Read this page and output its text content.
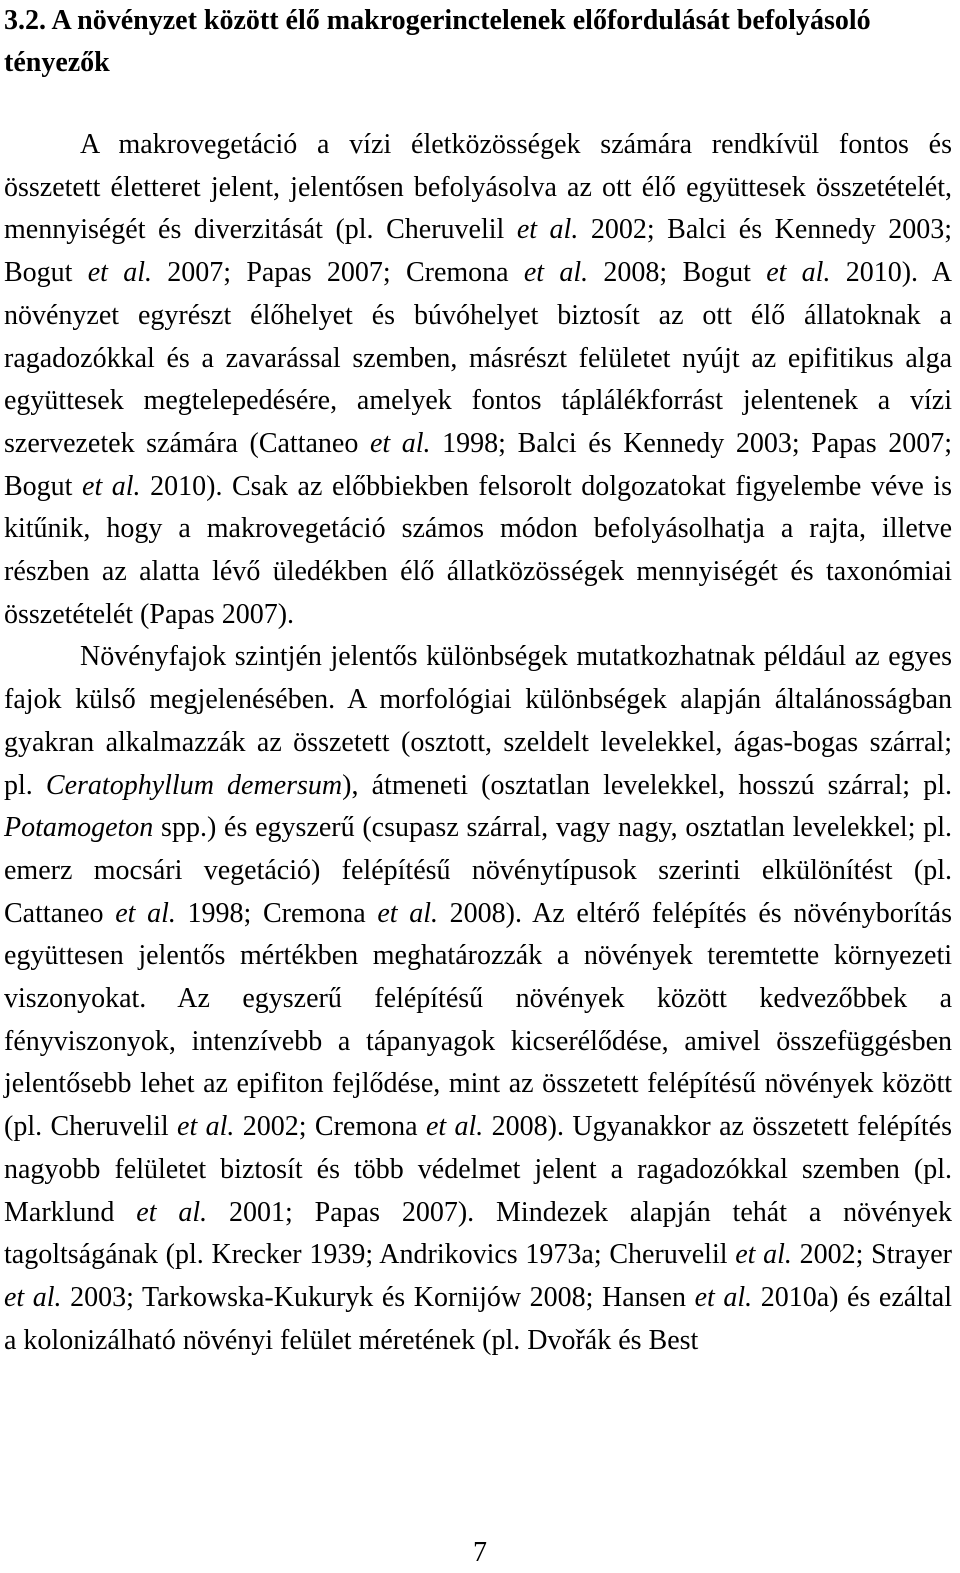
3.2. A növényzet között élő makrogerinctelenek előfordulását befolyásoló tényezők

A makrovegetáció a vízi életközösségek számára rendkívül fontos és összetett életteret jelent, jelentősen befolyásolva az ott élő együttesek összetételét, mennyiségét és diverzitását (pl. Cheruvelil et al. 2002; Balci és Kennedy 2003; Bogut et al. 2007; Papas 2007; Cremona et al. 2008; Bogut et al. 2010). A növényzet egyrészt élőhelyet és búvóhelyet biztosít az ott élő állatoknak a ragadozókkal és a zavarással szemben, másrészt felületet nyújt az epifitikus alga együttesek megtelepedésére, amelyek fontos táplálékforrást jelentenek a vízi szervezetek számára (Cattaneo et al. 1998; Balci és Kennedy 2003; Papas 2007; Bogut et al. 2010). Csak az előbbiekben felsorolt dolgozatokat figyelembe véve is kitűnik, hogy a makrovegetáció számos módon befolyásolhatja a rajta, illetve részben az alatta lévő üledékben élő állatközösségek mennyiségét és taxonómiai összetételét (Papas 2007).

Növényfajok szintjén jelentős különbségek mutatkozhatnak például az egyes fajok külső megjelenésében. A morfológiai különbségek alapján általánosságban gyakran alkalmazzák az összetett (osztott, szeldelt levelekkel, ágas-bogas szárral; pl. Ceratophyllum demersum), átmeneti (osztatlan levelekkel, hosszú szárral; pl. Potamogeton spp.) és egyszerű (csupasz szárral, vagy nagy, osztatlan levelekkel; pl. emerz mocsári vegetáció) felépítésű növénytípusok szerinti elkülönítést (pl. Cattaneo et al. 1998; Cremona et al. 2008). Az eltérő felépítés és növényborítás együttesen jelentős mértékben meghatározzák a növények teremtette környezeti viszonyokat. Az egyszerű felépítésű növények között kedvezőbbek a fényviszonyok, intenzívebb a tápanyagok kicserélődése, amivel összefüggésben jelentősebb lehet az epifiton fejlődése, mint az összetett felépítésű növények között (pl. Cheruvelil et al. 2002; Cremona et al. 2008). Ugyanakkor az összetett felépítés nagyobb felületet biztosít és több védelmet jelent a ragadozókkal szemben (pl. Marklund et al. 2001; Papas 2007). Mindezek alapján tehát a növények tagoltságának (pl. Krecker 1939; Andrikovics 1973a; Cheruvelil et al. 2002; Strayer et al. 2003; Tarkowska-Kukuryk és Kornijów 2008; Hansen et al. 2010a) és ezáltal a kolonizálható növényi felület méretének (pl. Dvořák és Best

7
